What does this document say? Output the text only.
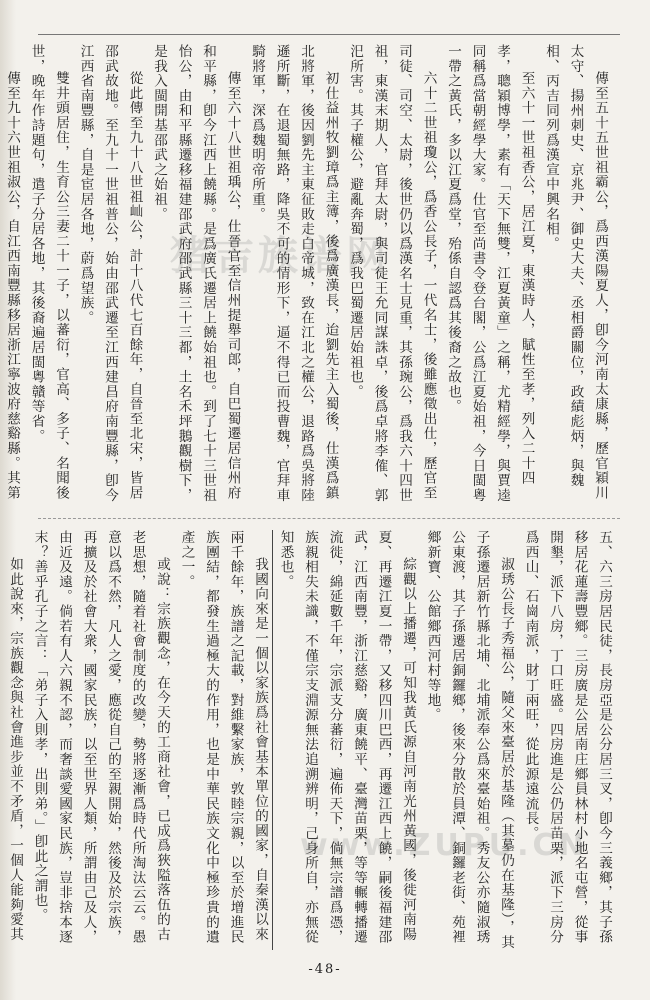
猪吉族谱网
www.ZUPU.CN

傳至五十五世祖霸公，爲西漢陽夏人，卽今河南太康縣，歷官穎川太守、揚州刺史、京兆尹、御史大夫、丞相爵關位，政績彪炳，與魏相、丙吉同列爲漢宣中興名相。

至六十一世祖香公，居江夏，東漢時人，賦性至孝，列入二十四孝，聰穎博學，素有「天下無雙，江夏黃童」之稱，尤精經學，與賈逵同稱爲當朝經學大家。仕官至尚書令登台閣，公爲江夏始祖，今日閩粵一帶之黃氏，多以江夏爲堂，殆係自認爲其後裔之故也。

六十二世祖瓊公，爲香公長子，一代名士，後雖應徵出仕，歷官至司徒、司空、太尉，後世仍以爲漢名士見重，其孫琬公，爲我六十四世祖，東漢末期人，官拜太尉，與司徒王允同謀誅卓，後爲卓將李傕、郭汜所害。其子權公，避亂奔蜀，爲我巴蜀遷居始祖也。

初仕益州牧劉璋爲主簿，後爲廣漢長，迨劉先主入蜀後，仕漢爲鎮北將軍，後因劉先主東征敗走白帝城，致在江北之權公，退路爲吳將陸遜所斷，在退蜀無路，降吳不可的情形下，逼不得已而投曹魏，官拜車騎將軍，深爲魏明帝所重。

傳至六十八世祖瑀公，仕晉官至信州提舉司郎，自巴蜀遷居信州府和平縣，卽今江西上饒縣。是爲廣氏遷居上饒始祖也。到了七十三世祖怡公，由和平縣遷移福建邵武府邵武縣三十三都，土名禾坪鵝觀樹下，是我入閩開基邵武之始祖。

從此傳至九十八世祖屾公，計十八代七百餘年，自晉至北宋，皆居邵武故地。至九十一世祖普公，始由邵武遷至江西建昌府南豐縣，卽今江西省南豐縣，自是宦居各地，蔚爲望族。

雙井頭居住，生育公三妻二十一子，以蕃衍，官高、多子、名聞後世，晚年作詩題句，遣子分居各地，其後裔遍居閩粵贛等省。

傳至九十六世祖淑公，自江西南豐縣移居浙江寧波府慈谿縣。其第

五、六三房居民徒，長房亞是公分居三叉，卽今三義鄉，其子孫移居花蓮壽豐鄉。三房廣是公居南庄鄉員林村小地名屯營，從事開墾，派下八房，丁口旺盛。四房進是公仍居苗栗，派下三房分爲西山、石崗南派，財丁兩旺，從此源遠流長。

淑琇公長子秀福公，隨父來臺居於基隆（其墓仍在基隆），其子孫遷居新竹縣北埔、北埔派奉公爲來臺始祖。秀友公亦隨淑琇公東渡，其子孫遷居銅鑼鄉，後來分散於員潭、銅鑼老街、苑裡鄉新寶、公館鄉西河村等地。

綜觀以上播遷，可知我黃氏源自河南光州黃國，後徙河南陽夏、再遷江夏一帶，又移四川巴西，再遷江西上饒，嗣後福建邵武，江西南豐，浙江慈谿，廣東饒平、臺灣苗栗，等等輾轉播遷流徙，綿延數千年，宗派支分蕃衍，遍佈天下，倘無宗譜爲憑，族親相失未識，不僅宗支淵源無法追溯辨明，己身所自，亦無從知悉也。

我國向來是一個以家族爲社會基本單位的國家，自秦漢以來兩千餘年，族譜之記載，對維繫家族，敦睦宗親，以至於增進民族團結，都發生過極大的作用，也是中華民族文化中極珍貴的遺產之一。

或說：宗族觀念，在今天的工商社會，已成爲狹隘落伍的古老思想，隨着社會制度的改變，勢將逐漸爲時代所淘汰云云。愚意以爲不然，凡人之愛，應從自己的至親開始，然後及於宗族，再擴及於社會大衆，國家民族，以至世界人類，所謂由己及人，由近及遠。倘若有人六親不認，而奢談愛國家民族，豈非捨本逐末？善乎孔子之言：「弟子入則孝，出則弟。」卽此之謂也。

如此說來，宗族觀念與社會進步並不矛盾，一個人能夠愛其

-48-
